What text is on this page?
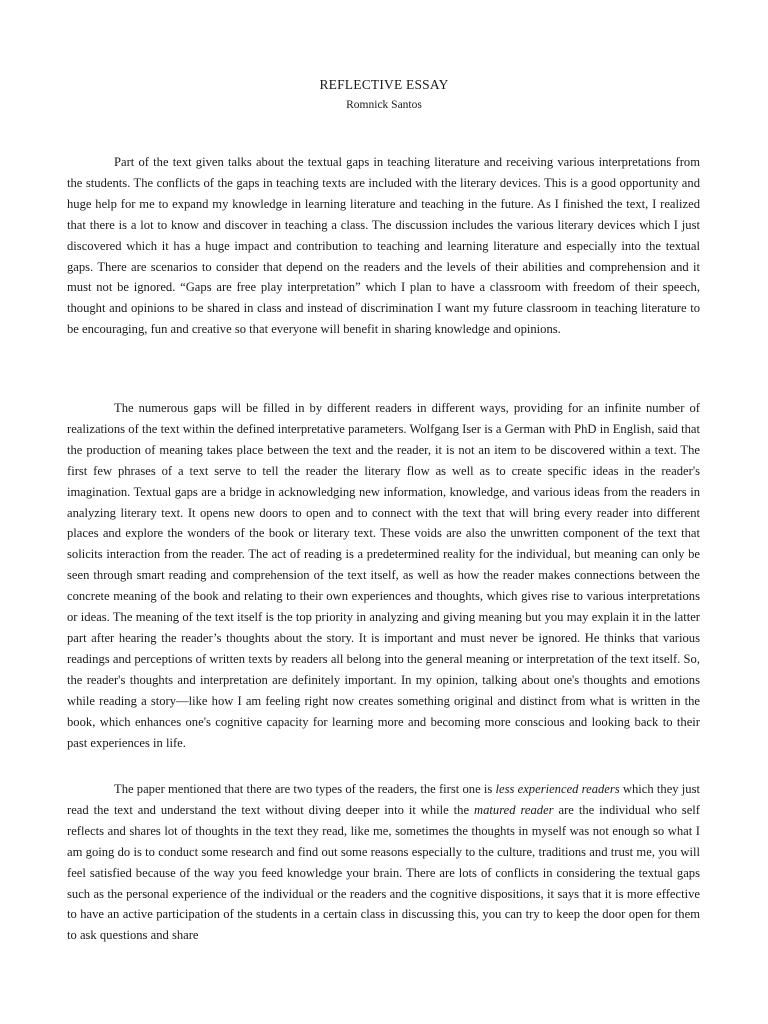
REFLECTIVE ESSAY
Romnick Santos

Part of the text given talks about the textual gaps in teaching literature and receiving various interpretations from the students. The conflicts of the gaps in teaching texts are included with the literary devices. This is a good opportunity and huge help for me to expand my knowledge in learning literature and teaching in the future. As I finished the text, I realized that there is a lot to know and discover in teaching a class. The discussion includes the various literary devices which I just discovered which it has a huge impact and contribution to teaching and learning literature and especially into the textual gaps. There are scenarios to consider that depend on the readers and the levels of their abilities and comprehension and it must not be ignored. “Gaps are free play interpretation” which I plan to have a classroom with freedom of their speech, thought and opinions to be shared in class and instead of discrimination I want my future classroom in teaching literature to be encouraging, fun and creative so that everyone will benefit in sharing knowledge and opinions.

The numerous gaps will be filled in by different readers in different ways, providing for an infinite number of realizations of the text within the defined interpretative parameters. Wolfgang Iser is a German with PhD in English, said that the production of meaning takes place between the text and the reader, it is not an item to be discovered within a text. The first few phrases of a text serve to tell the reader the literary flow as well as to create specific ideas in the reader's imagination. Textual gaps are a bridge in acknowledging new information, knowledge, and various ideas from the readers in analyzing literary text. It opens new doors to open and to connect with the text that will bring every reader into different places and explore the wonders of the book or literary text. These voids are also the unwritten component of the text that solicits interaction from the reader. The act of reading is a predetermined reality for the individual, but meaning can only be seen through smart reading and comprehension of the text itself, as well as how the reader makes connections between the concrete meaning of the book and relating to their own experiences and thoughts, which gives rise to various interpretations or ideas. The meaning of the text itself is the top priority in analyzing and giving meaning but you may explain it in the latter part after hearing the reader’s thoughts about the story. It is important and must never be ignored. He thinks that various readings and perceptions of written texts by readers all belong into the general meaning or interpretation of the text itself. So, the reader's thoughts and interpretation are definitely important. In my opinion, talking about one's thoughts and emotions while reading a story—like how I am feeling right now creates something original and distinct from what is written in the book, which enhances one's cognitive capacity for learning more and becoming more conscious and looking back to their past experiences in life.

The paper mentioned that there are two types of the readers, the first one is less experienced readers which they just read the text and understand the text without diving deeper into it while the matured reader are the individual who self reflects and shares lot of thoughts in the text they read, like me, sometimes the thoughts in myself was not enough so what I am going do is to conduct some research and find out some reasons especially to the culture, traditions and trust me, you will feel satisfied because of the way you feed knowledge your brain. There are lots of conflicts in considering the textual gaps such as the personal experience of the individual or the readers and the cognitive dispositions, it says that it is more effective to have an active participation of the students in a certain class in discussing this, you can try to keep the door open for them to ask questions and share
